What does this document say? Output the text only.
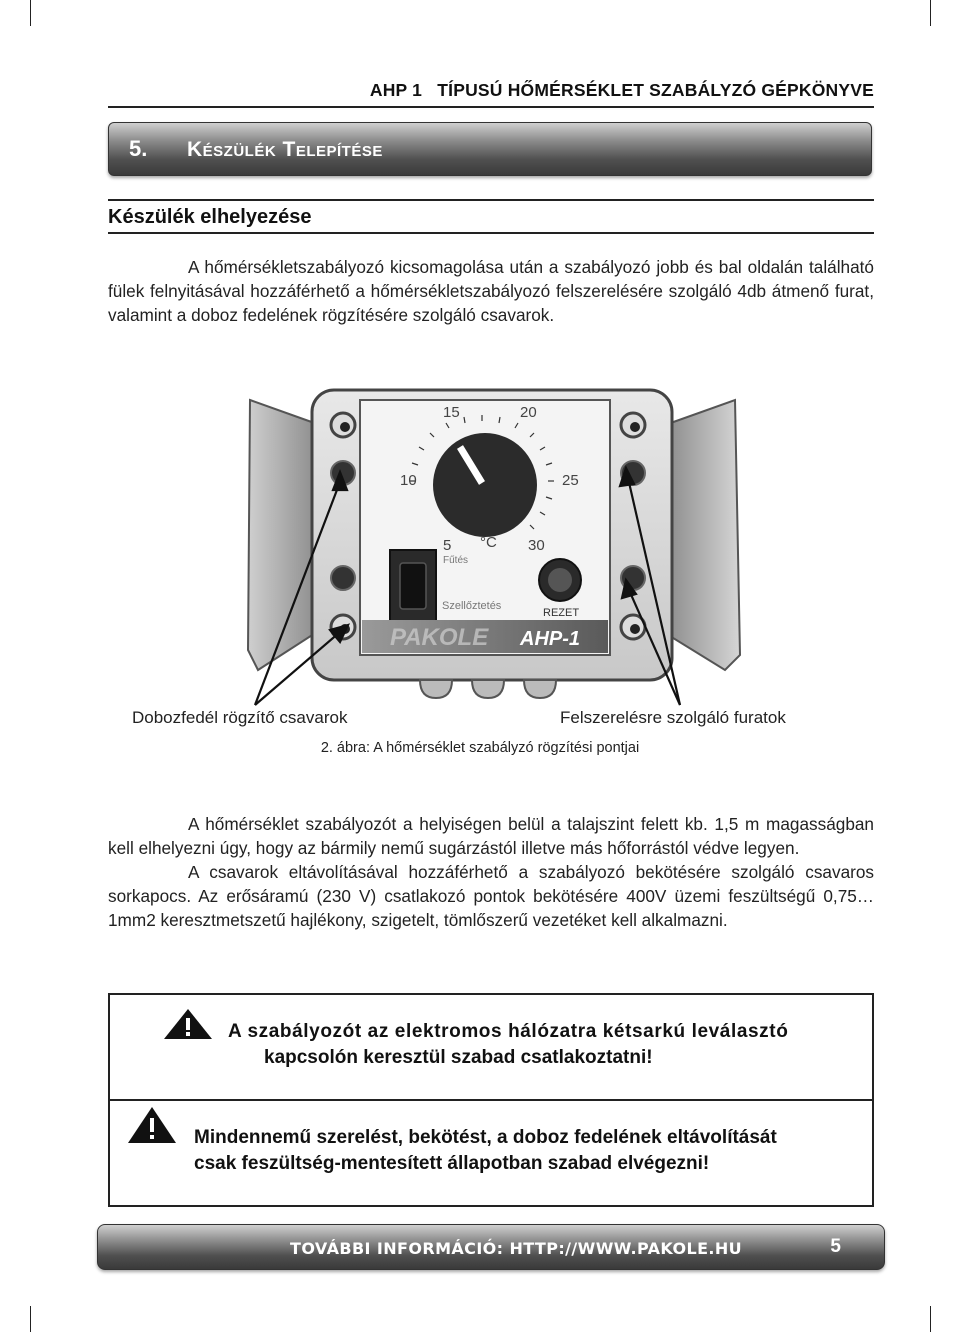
AHP 1   TÍPUSÚ HŐMÉRSÉKLET SZABÁLYZÓ GÉPKÖNYVE
5. Készülék Telepítése
Készülék elhelyezése

A hőmérsékletszabályozó kicsomagolása után a szabályozó jobb és bal oldalán található fülek felnyitásával hozzáférhető a hőmérsékletszabályozó felszerelésére szolgáló 4db átmenő furat, valamint a doboz fedelének rögzítésére szolgáló csavarok.

15	20
10	25
5 °C 30
Fűtés
Szellőztetés
REZET
PAKOLE AHP-1
Dobozfedél rögzítő csavarok	Felszerelésre szolgáló furatok
2. ábra: A hőmérséklet szabályzó rögzítési pontjai

A hőmérséklet szabályozót a helyiségen belül a talajszint felett kb. 1,5 m magasságban kell elhelyezni úgy, hogy az bármily nemű sugárzástól illetve más hőforrástól védve legyen.

A csavarok eltávolításával hozzáférhető a szabályozó bekötésére szolgáló csavaros sorkapocs. Az erősáramú (230 V) csatlakozó pontok bekötésére 400V üzemi feszültségű 0,75…1mm2 keresztmetszetű hajlékony, szigetelt, tömlőszerű vezetéket kell alkalmazni.

A szabályozót az elektromos hálózatra kétsarkú leválasztó
kapcsolón keresztül szabad csatlakoztatni!
Mindennemű szerelést, bekötést, a doboz fedelének eltávolítását
csak feszültség-mentesített állapotban szabad elvégezni!
TOVÁBBI INFORMÁCIÓ: HTTP://WWW.PAKOLE.HU	5
